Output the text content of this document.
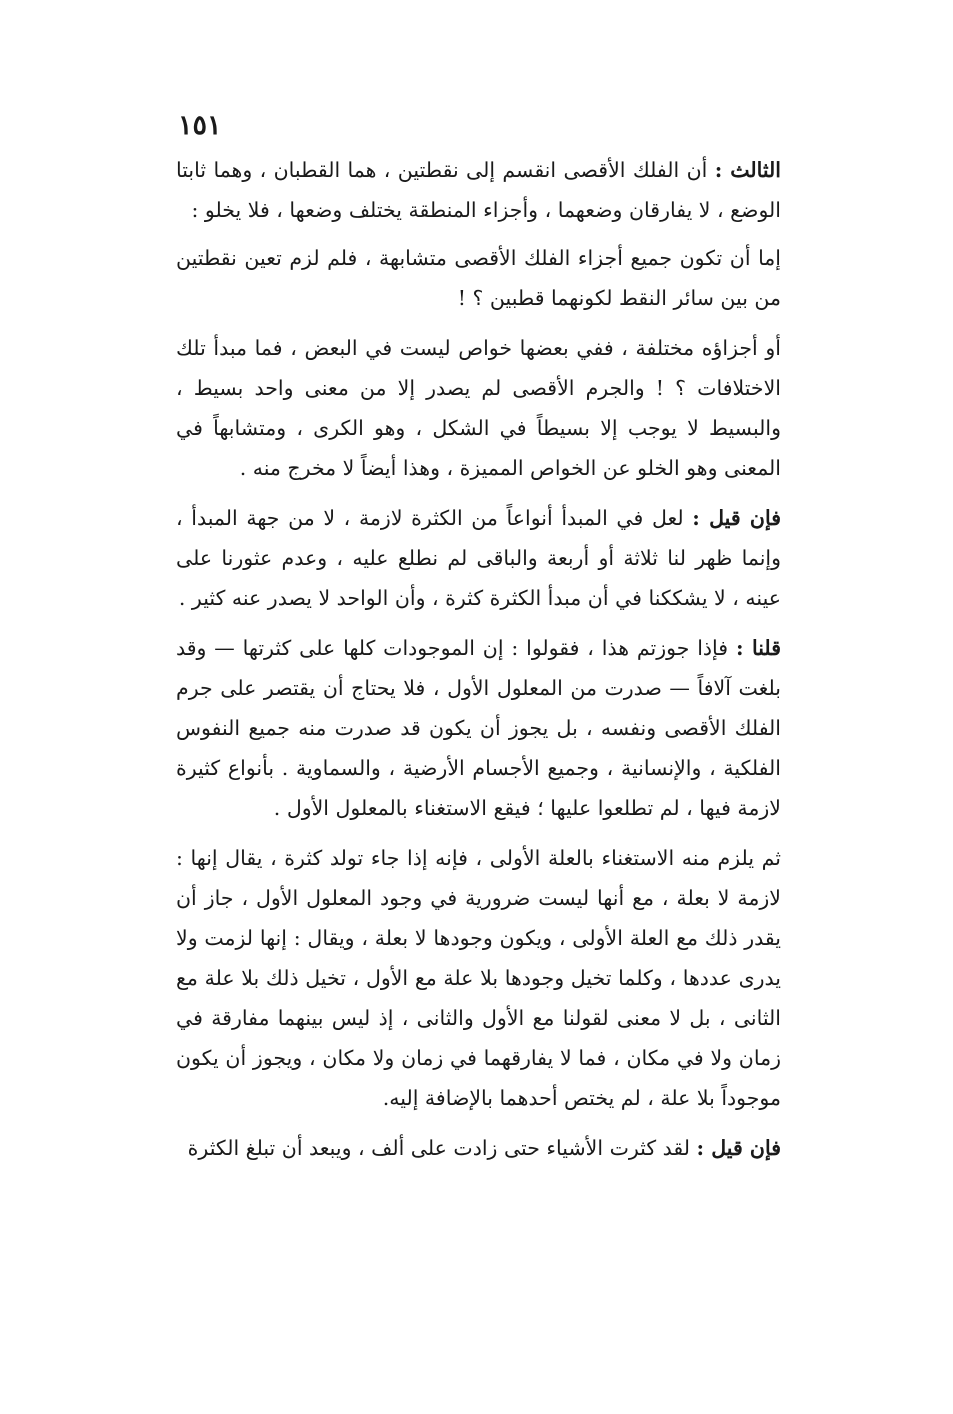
١٥١

الثالث : أن الفلك الأقصى انقسم إلى نقطتين ، هما القطبان ، وهما ثابتا الوضع ، لا يفارقان وضعهما ، وأجزاء المنطقة يختلف وضعها ، فلا يخلو :

إما أن تكون جميع أجزاء الفلك الأقصى متشابهة ، فلم لزم تعين نقطتين من بين سائر النقط لكونهما قطبين ؟ !

أو أجزاؤه مختلفة ، ففي بعضها خواص ليست في البعض ، فما مبدأ تلك الاختلافات ؟ ! والجرم الأقصى لم يصدر إلا من معنى واحد بسيط ، والبسيط لا يوجب إلا بسيطاً في الشكل ، وهو الكرى ، ومتشابهاً في المعنى وهو الخلو عن الخواص المميزة ، وهذا أيضاً لا مخرج منه .

فإن قيل : لعل في المبدأ أنواعاً من الكثرة لازمة ، لا من جهة المبدأ ، وإنما ظهر لنا ثلاثة أو أربعة والباقى لم نطلع عليه ، وعدم عثورنا على عينه ، لا يشككنا في أن مبدأ الكثرة كثرة ، وأن الواحد لا يصدر عنه كثير .

قلنا : فإذا جوزتم هذا ، فقولوا : إن الموجودات كلها على كثرتها — وقد بلغت آلافاً — صدرت من المعلول الأول ، فلا يحتاج أن يقتصر على جرم الفلك الأقصى ونفسه ، بل يجوز أن يكون قد صدرت منه جميع النفوس الفلكية ، والإنسانية ، وجميع الأجسام الأرضية ، والسماوية . بأنواع كثيرة لازمة فيها ، لم تطلعوا عليها ؛ فيقع الاستغناء بالمعلول الأول .

ثم يلزم منه الاستغناء بالعلة الأولى ، فإنه إذا جاء تولد كثرة ، يقال إنها : لازمة لا بعلة ، مع أنها ليست ضرورية في وجود المعلول الأول ، جاز أن يقدر ذلك مع العلة الأولى ، ويكون وجودها لا بعلة ، ويقال : إنها لزمت ولا يدرى عددها ، وكلما تخيل وجودها بلا علة مع الأول ، تخيل ذلك بلا علة مع الثانى ، بل لا معنى لقولنا مع الأول والثانى ، إذ ليس بينهما مفارقة في زمان ولا في مكان ، فما لا يفارقهما في زمان ولا مكان ، ويجوز أن يكون موجوداً بلا علة ، لم يختص أحدهما بالإضافة إليه.

فإن قيل : لقد كثرت الأشياء حتى زادت على ألف ، ويبعد أن تبلغ الكثرة
